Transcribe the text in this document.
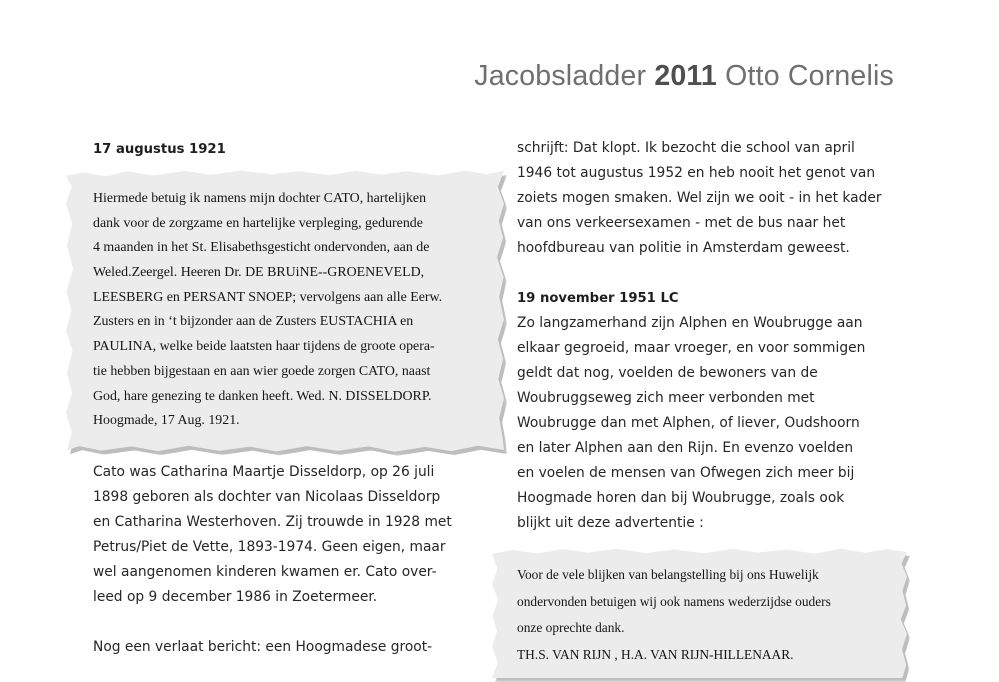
Jacobsladder 2011 Otto Cornelis
17 augustus 1921
Cato was Catharina Maartje Disseldorp, op 26 juli
1898 geboren als dochter van Nicolaas Disseldorp
en Catharina Westerhoven. Zij trouwde in 1928 met
Petrus/Piet de Vette, 1893-1974. Geen eigen, maar
wel aangenomen kinderen kwamen er. Cato over-
leed op 9 december 1986 in Zoetermeer.
Nog een verlaat bericht: een Hoogmadese groot-
Hiermede betuig ik namens mijn dochter CATO, hartelijken
dank voor de zorgzame en hartelijke verpleging, gedurende
4 maanden in het St. Elisabethsgesticht ondervonden, aan de
Weled.Zeergel. Heeren Dr. DE BRUiNE--GROENEVELD,
LEESBERG en PERSANT SNOEP; vervolgens aan alle Eerw.
Zusters en in ‘t bijzonder aan de Zusters EUSTACHIA en
PAULINA, welke beide laatsten haar tijdens de groote opera-
tie hebben bijgestaan en aan wier goede zorgen CATO, naast
God, hare genezing te danken heeft. Wed. N. DISSELDORP.
Hoogmade, 17 Aug. 1921.
schrijft: Dat klopt. Ik bezocht die school van april
1946 tot augustus 1952 en heb nooit het genot van
zoiets mogen smaken. Wel zijn we ooit - in het kader
van ons verkeersexamen - met de bus naar het
hoofdbureau van politie in Amsterdam geweest.
19 november 1951 LC
Zo langzamerhand zijn Alphen en Woubrugge aan
elkaar gegroeid, maar vroeger, en voor sommigen
geldt dat nog, voelden de bewoners van de
Woubruggseweg zich meer verbonden met
Woubrugge dan met Alphen, of liever, Oudshoorn
en later Alphen aan den Rijn. En evenzo voelden
en voelen de mensen van Ofwegen zich meer bij
Hoogmade horen dan bij Woubrugge, zoals ook
blijkt uit deze advertentie :
Voor de vele blijken van belangstelling bij ons Huwelijk
ondervonden betuigen wij ook namens wederzijdse ouders
onze oprechte dank.
TH.S. VAN RIJN , H.A. VAN RIJN-HILLENAAR.
